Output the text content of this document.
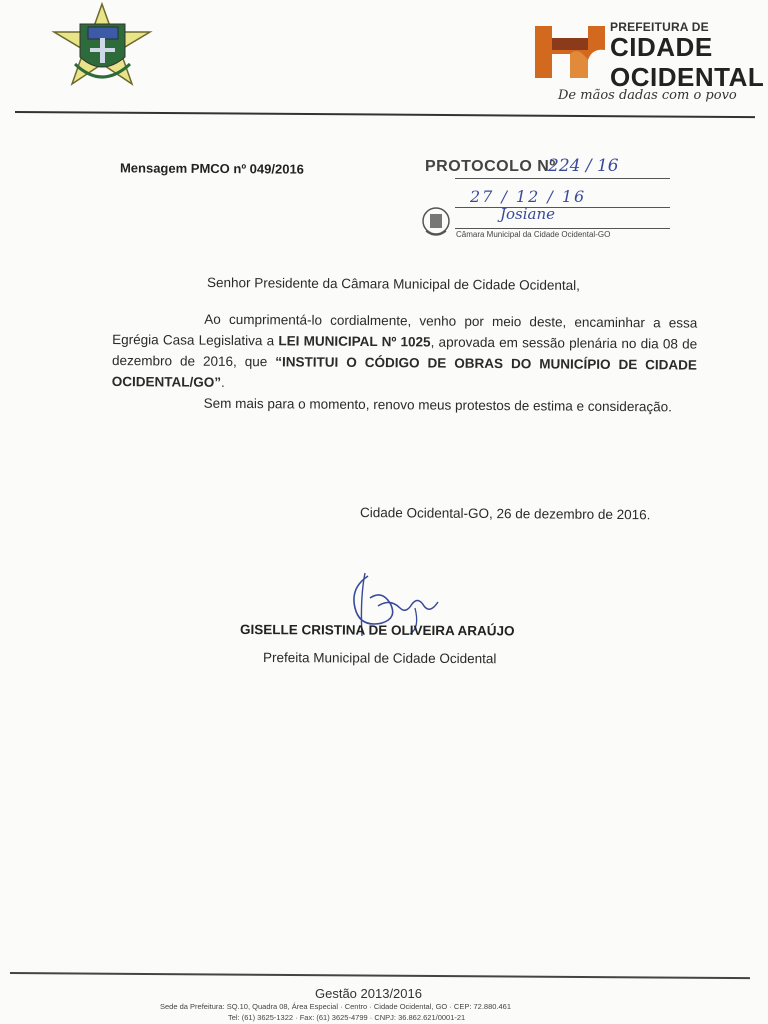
PREFEITURA DE
CIDADE
OCIDENTAL
De mãos dadas com o povo
Mensagem PMCO nº 049/2016	PROTOCOLO Nº
224 / 16
27 / 12 / 16
Josiane
Câmara Municipal da Cidade Ocidental-GO
Senhor Presidente da Câmara Municipal de Cidade Ocidental,

Ao cumprimentá-lo cordialmente, venho por meio deste, encaminhar a essa Egrégia Casa Legislativa a LEI MUNICIPAL Nº 1025, aprovada em sessão plenária no dia 08 de dezembro de 2016, que “INSTITUI O CÓDIGO DE OBRAS DO MUNICÍPIO DE CIDADE OCIDENTAL/GO”.

Sem mais para o momento, renovo meus protestos de estima e consideração.

Cidade Ocidental-GO, 26 de dezembro de 2016.
GISELLE CRISTINA DE OLIVEIRA ARAÚJO
Prefeita Municipal de Cidade Ocidental
Gestão 2013/2016
Sede da Prefeitura: SQ.10, Quadra 08, Área Especial · Centro · Cidade Ocidental, GO · CEP: 72.880.461
Tel: (61) 3625-1322 · Fax: (61) 3625-4799 · CNPJ: 36.862.621/0001-21
